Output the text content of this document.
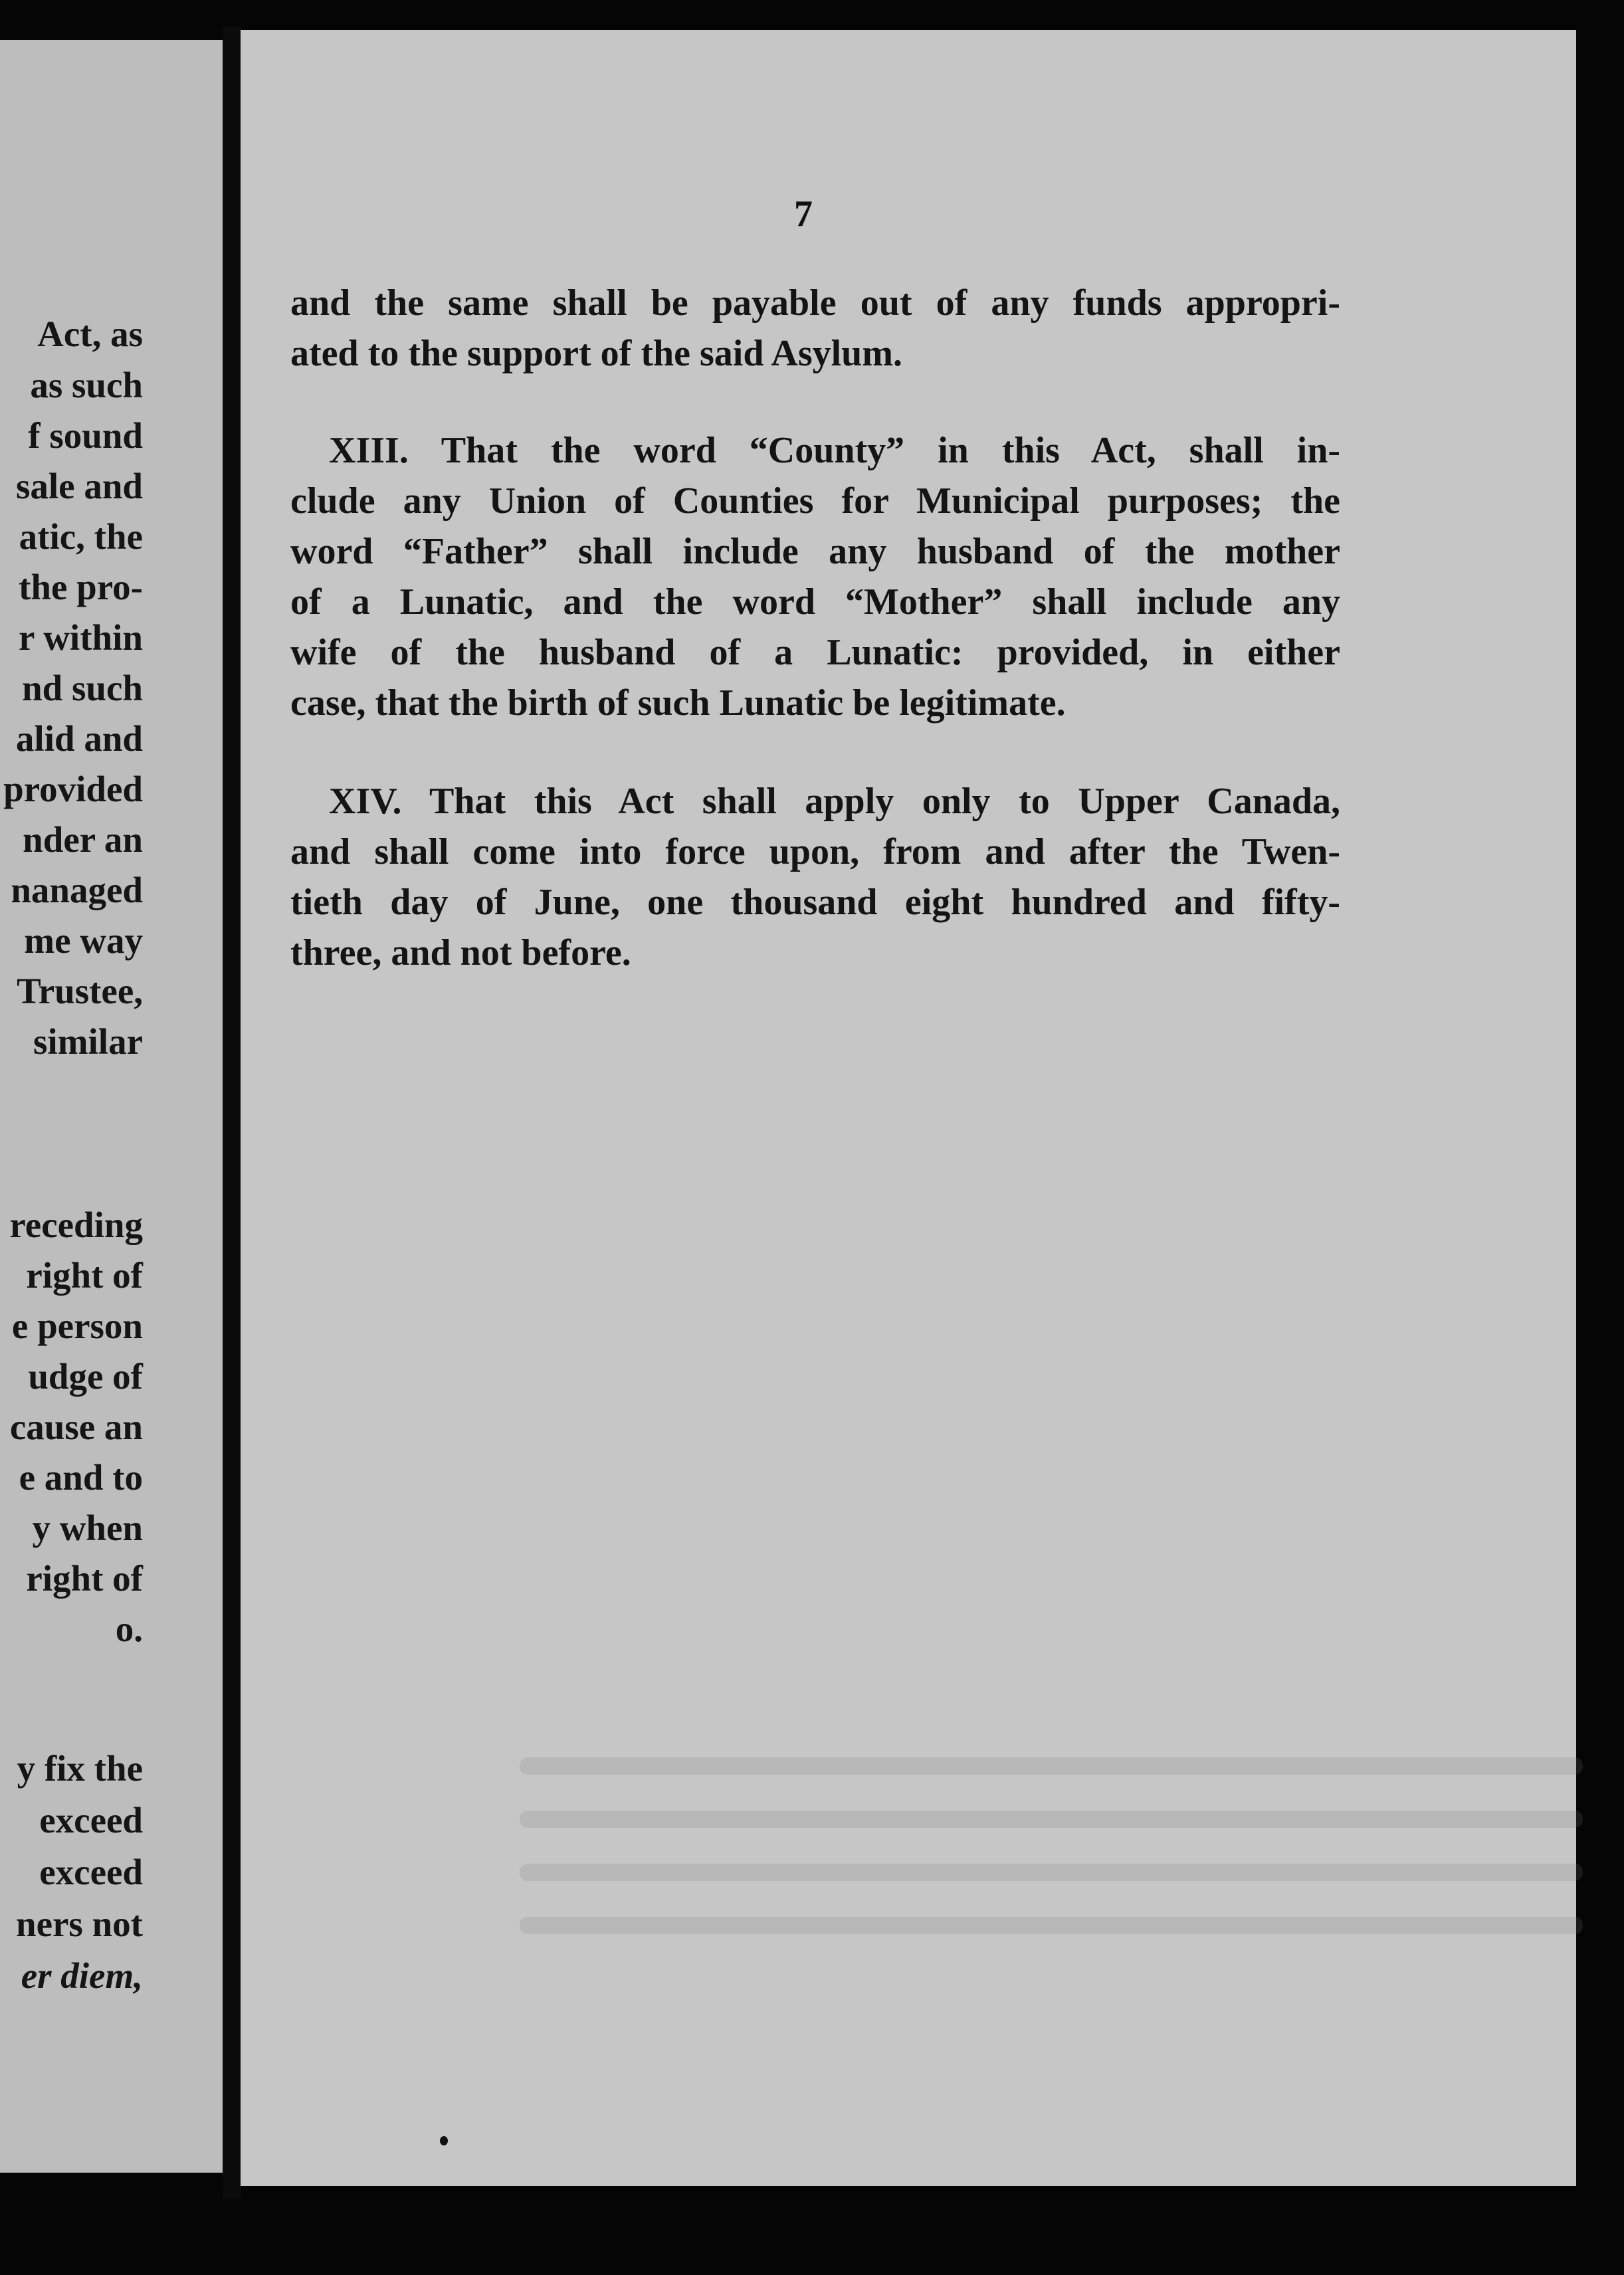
Act, as
as such
f sound
sale and
atic, the
the pro-
r within
nd such
alid and
provided
nder an
nanaged
me way
Trustee,
similar
receding
right of
e person
udge of
cause an
e and to
y when
right of
o.
y fix the
exceed
exceed
ners not
er diem,
7
and the same shall be payable out of any funds appropri-
ated to the support of the said Asylum.
XIII. That the word “County” in this Act, shall in-
clude any Union of Counties for Municipal purposes; the
word “Father” shall include any husband of the mother
of a Lunatic, and the word “Mother” shall include any
wife of the husband of a Lunatic: provided, in either
case, that the birth of such Lunatic be legitimate.
XIV. That this Act shall apply only to Upper Canada,
and shall come into force upon, from and after the Twen-
tieth day of June, one thousand eight hundred and fifty-
three, and not before.
